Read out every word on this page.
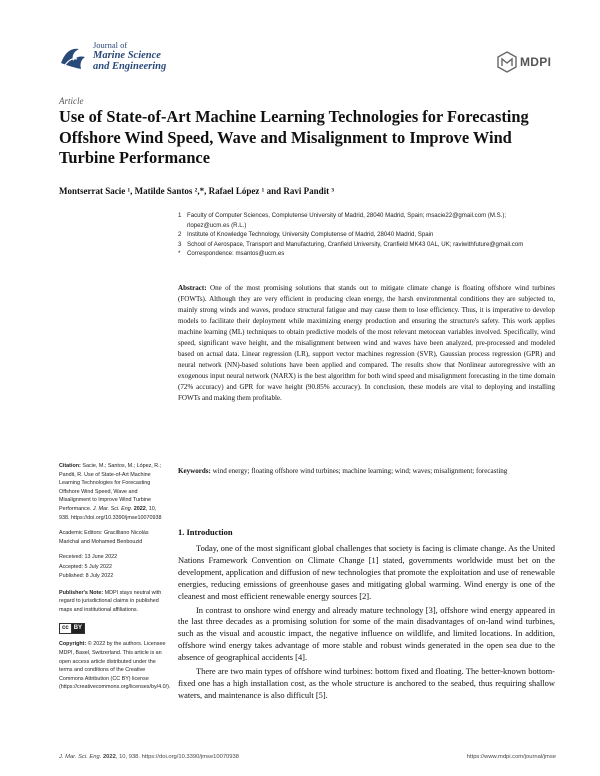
Journal of
Marine Science
and Engineering	MDPI
Article
Use of State-of-Art Machine Learning Technologies for Forecasting Offshore Wind Speed, Wave and Misalignment to Improve Wind Turbine Performance
Montserrat Sacie ¹, Matilde Santos ²,*, Rafael López ¹ and Ravi Pandit ³
1 Faculty of Computer Sciences, Complutense University of Madrid, 28040 Madrid, Spain; msacie22@gmail.com (M.S.); rlopez@ucm.es (R.L.)
2 Institute of Knowledge Technology, University Complutense of Madrid, 28040 Madrid, Spain
3 School of Aerospace, Transport and Manufacturing, Cranfield University, Cranfield MK43 0AL, UK; raviwithfuture@gmail.com
*	Correspondence: msantos@ucm.es
Abstract: One of the most promising solutions that stands out to mitigate climate change is floating offshore wind turbines (FOWTs). Although they are very efficient in producing clean energy, the harsh environmental conditions they are subjected to, mainly strong winds and waves, produce structural fatigue and may cause them to lose efficiency. Thus, it is imperative to develop models to facilitate their deployment while maximizing energy production and ensuring the structure's safety. This work applies machine learning (ML) techniques to obtain predictive models of the most relevant metocean variables involved. Specifically, wind speed, significant wave height, and the misalignment between wind and waves have been analyzed, pre-processed and modeled based on actual data. Linear regression (LR), support vector machines regression (SVR), Gaussian process regression (GPR) and neural network (NN)-based solutions have been applied and compared. The results show that Nonlinear autoregressive with an exogenous input neural network (NARX) is the best algorithm for both wind speed and misalignment forecasting in the time domain (72% accuracy) and GPR for wave height (90.85% accuracy). In conclusion, these models are vital to deploying and installing FOWTs and making them profitable.
Keywords: wind energy; floating offshore wind turbines; machine learning; wind; waves; misalignment; forecasting
Citation: Sacie, M.; Santos, M.; López, R.; Pandit, R. Use of State-of-Art Machine Learning Technologies for Forecasting Offshore Wind Speed, Wave and Misalignment to Improve Wind Turbine Performance. J. Mar. Sci. Eng. 2022, 10, 938. https://doi.org/10.3390/jmse10070938
Academic Editors: Gracilliano Nicolás Marichal and Mohamed Benbouzid
Received: 13 June 2022
Accepted: 5 July 2022
Published: 8 July 2022
Publisher's Note: MDPI stays neutral with regard to jurisdictional claims in published maps and institutional affiliations.
cc BY
Copyright: © 2022 by the authors. Licensee MDPI, Basel, Switzerland. This article is an open access article distributed under the terms and conditions of the Creative Commons Attribution (CC BY) license (https://creativecommons.org/licenses/by/4.0/).
1. Introduction

Today, one of the most significant global challenges that society is facing is climate change. As the United Nations Framework Convention on Climate Change [1] stated, governments worldwide must bet on the development, application and diffusion of new technologies that promote the exploitation and use of renewable energies, reducing emissions of greenhouse gases and mitigating global warming. Wind energy is one of the cleanest and most efficient renewable energy sources [2].

In contrast to onshore wind energy and already mature technology [3], offshore wind energy appeared in the last three decades as a promising solution for some of the main disadvantages of on-land wind turbines, such as the visual and acoustic impact, the negative influence on wildlife, and limited locations. In addition, offshore wind energy takes advantage of more stable and robust winds generated in the open sea due to the absence of geographical accidents [4].

There are two main types of offshore wind turbines: bottom fixed and floating. The better-known bottom-fixed one has a high installation cost, as the whole structure is anchored to the seabed, thus requiring shallow waters, and maintenance is also difficult [5].

J. Mar. Sci. Eng. 2022, 10, 938. https://doi.org/10.3390/jmse10070938	https://www.mdpi.com/journal/jmse
